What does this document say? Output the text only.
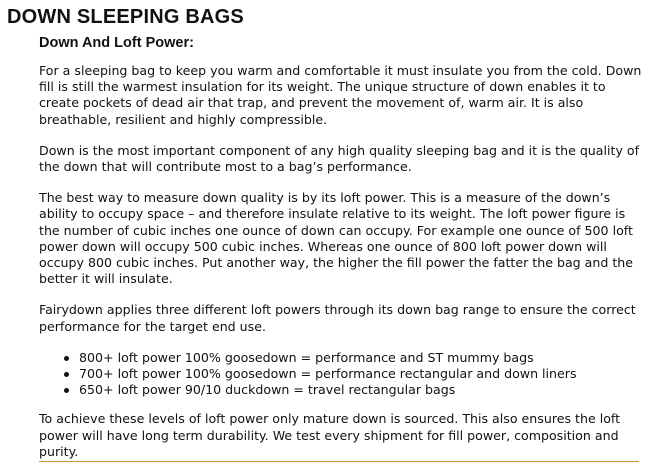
DOWN SLEEPING BAGS
Down And Loft Power:

For a sleeping bag to keep you warm and comfortable it must insulate you from the cold. Down fill is still the warmest insulation for its weight. The unique structure of down enables it to create pockets of dead air that trap, and prevent the movement of, warm air. It is also breathable, resilient and highly compressible.

Down is the most important component of any high quality sleeping bag and it is the quality of the down that will contribute most to a bag’s performance.

The best way to measure down quality is by its loft power. This is a measure of the down’s ability to occupy space – and therefore insulate relative to its weight. The loft power figure is the number of cubic inches one ounce of down can occupy. For example one ounce of 500 loft power down will occupy 500 cubic inches. Whereas one ounce of 800 loft power down will occupy 800 cubic inches. Put another way, the higher the fill power the fatter the bag and the better it will insulate.

Fairydown applies three different loft powers through its down bag range to ensure the correct performance for the target end use.

800+ loft power 100% goosedown = performance and ST mummy bags
700+ loft power 100% goosedown = performance rectangular and down liners
650+ loft power 90/10 duckdown = travel rectangular bags

To achieve these levels of loft power only mature down is sourced. This also ensures the loft power will have long term durability. We test every shipment for fill power, composition and purity.
